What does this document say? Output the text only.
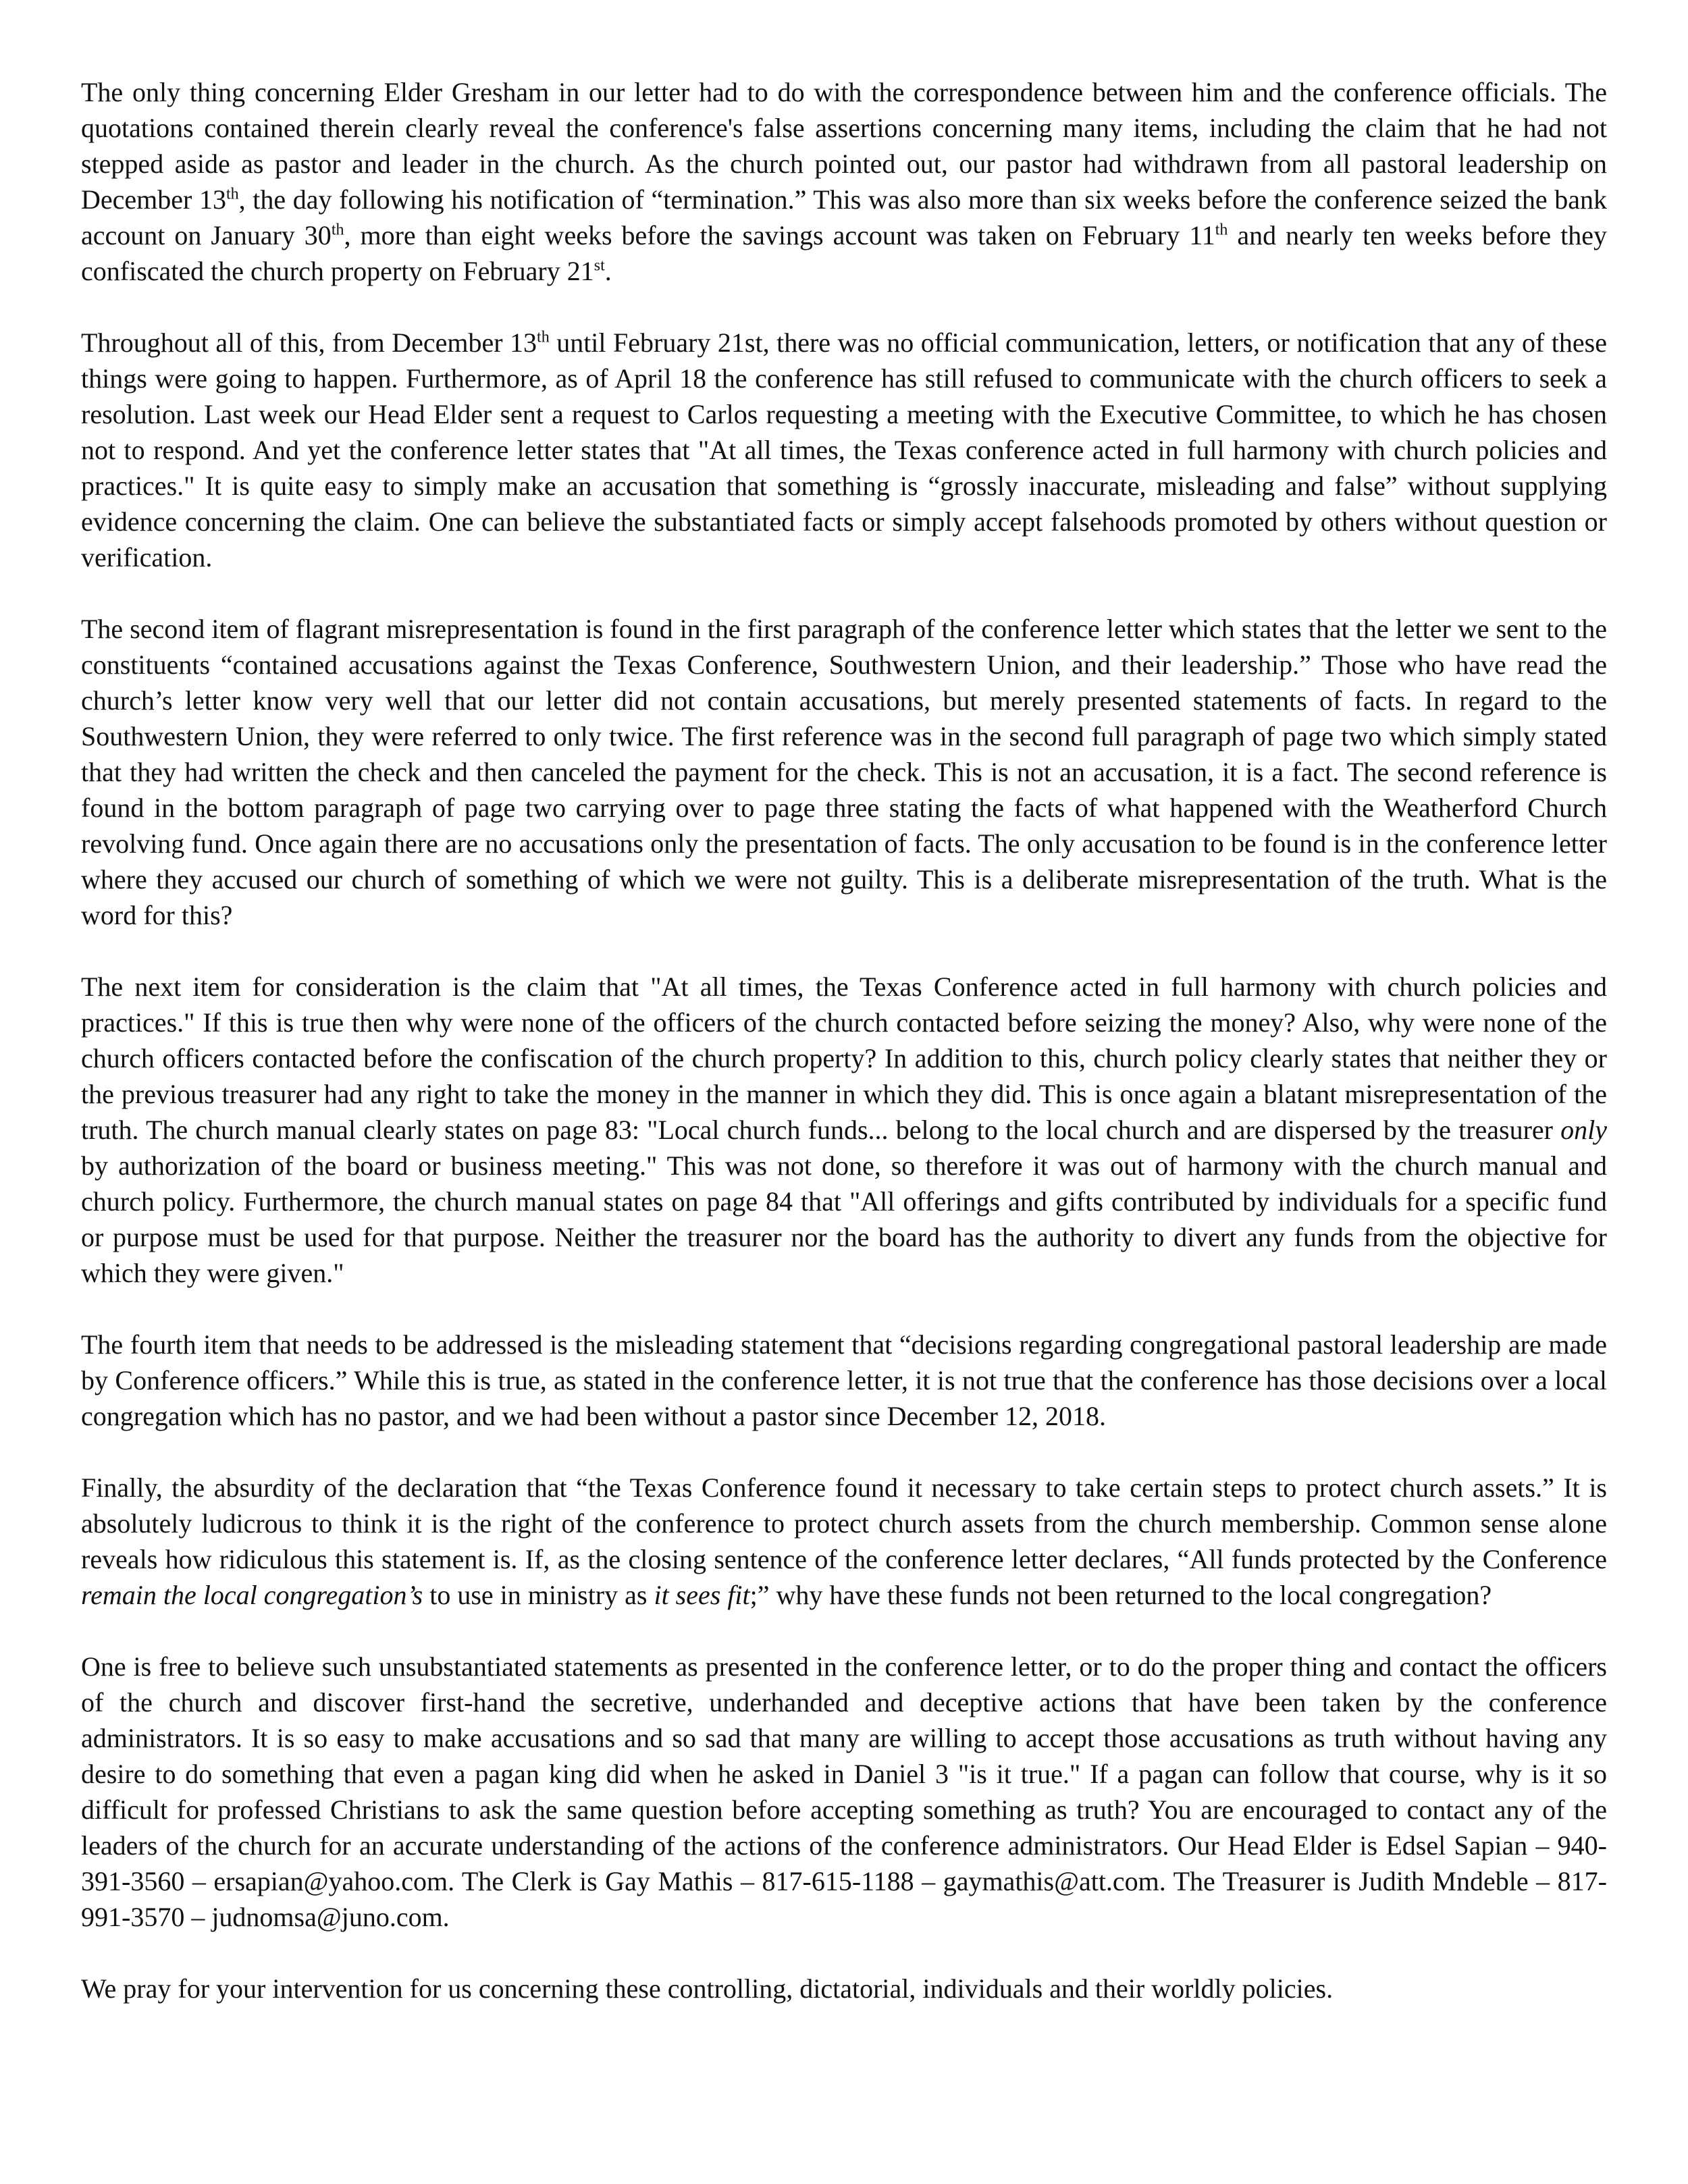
The only thing concerning Elder Gresham in our letter had to do with the correspondence between him and the conference officials. The quotations contained therein clearly reveal the conference's false assertions concerning many items, including the claim that he had not stepped aside as pastor and leader in the church. As the church pointed out, our pastor had withdrawn from all pastoral leadership on December 13th, the day following his notification of “termination.” This was also more than six weeks before the conference seized the bank account on January 30th, more than eight weeks before the savings account was taken on February 11th and nearly ten weeks before they confiscated the church property on February 21st.

Throughout all of this, from December 13th until February 21st, there was no official communication, letters, or notification that any of these things were going to happen. Furthermore, as of April 18 the conference has still refused to communicate with the church officers to seek a resolution. Last week our Head Elder sent a request to Carlos requesting a meeting with the Executive Committee, to which he has chosen not to respond. And yet the conference letter states that "At all times, the Texas conference acted in full harmony with church policies and practices." It is quite easy to simply make an accusation that something is “grossly inaccurate, misleading and false” without supplying evidence concerning the claim. One can believe the substantiated facts or simply accept falsehoods promoted by others without question or verification.

The second item of flagrant misrepresentation is found in the first paragraph of the conference letter which states that the letter we sent to the constituents “contained accusations against the Texas Conference, Southwestern Union, and their leadership.” Those who have read the church’s letter know very well that our letter did not contain accusations, but merely presented statements of facts. In regard to the Southwestern Union, they were referred to only twice. The first reference was in the second full paragraph of page two which simply stated that they had written the check and then canceled the payment for the check. This is not an accusation, it is a fact. The second reference is found in the bottom paragraph of page two carrying over to page three stating the facts of what happened with the Weatherford Church revolving fund. Once again there are no accusations only the presentation of facts. The only accusation to be found is in the conference letter where they accused our church of something of which we were not guilty. This is a deliberate misrepresentation of the truth. What is the word for this?

The next item for consideration is the claim that "At all times, the Texas Conference acted in full harmony with church policies and practices." If this is true then why were none of the officers of the church contacted before seizing the money? Also, why were none of the church officers contacted before the confiscation of the church property? In addition to this, church policy clearly states that neither they or the previous treasurer had any right to take the money in the manner in which they did. This is once again a blatant misrepresentation of the truth. The church manual clearly states on page 83: "Local church funds... belong to the local church and are dispersed by the treasurer only by authorization of the board or business meeting." This was not done, so therefore it was out of harmony with the church manual and church policy. Furthermore, the church manual states on page 84 that "All offerings and gifts contributed by individuals for a specific fund or purpose must be used for that purpose. Neither the treasurer nor the board has the authority to divert any funds from the objective for which they were given."

The fourth item that needs to be addressed is the misleading statement that “decisions regarding congregational pastoral leadership are made by Conference officers.” While this is true, as stated in the conference letter, it is not true that the conference has those decisions over a local congregation which has no pastor, and we had been without a pastor since December 12, 2018.

Finally, the absurdity of the declaration that “the Texas Conference found it necessary to take certain steps to protect church assets.” It is absolutely ludicrous to think it is the right of the conference to protect church assets from the church membership. Common sense alone reveals how ridiculous this statement is. If, as the closing sentence of the conference letter declares, “All funds protected by the Conference remain the local congregation’s to use in ministry as it sees fit;” why have these funds not been returned to the local congregation?

One is free to believe such unsubstantiated statements as presented in the conference letter, or to do the proper thing and contact the officers of the church and discover first-hand the secretive, underhanded and deceptive actions that have been taken by the conference administrators. It is so easy to make accusations and so sad that many are willing to accept those accusations as truth without having any desire to do something that even a pagan king did when he asked in Daniel 3 "is it true." If a pagan can follow that course, why is it so difficult for professed Christians to ask the same question before accepting something as truth? You are encouraged to contact any of the leaders of the church for an accurate understanding of the actions of the conference administrators. Our Head Elder is Edsel Sapian – 940-391-3560 – ersapian@yahoo.com. The Clerk is Gay Mathis – 817-615-1188 – gaymathis@att.com. The Treasurer is Judith Mndeble – 817-991-3570 – judnomsa@juno.com.

We pray for your intervention for us concerning these controlling, dictatorial, individuals and their worldly policies.
